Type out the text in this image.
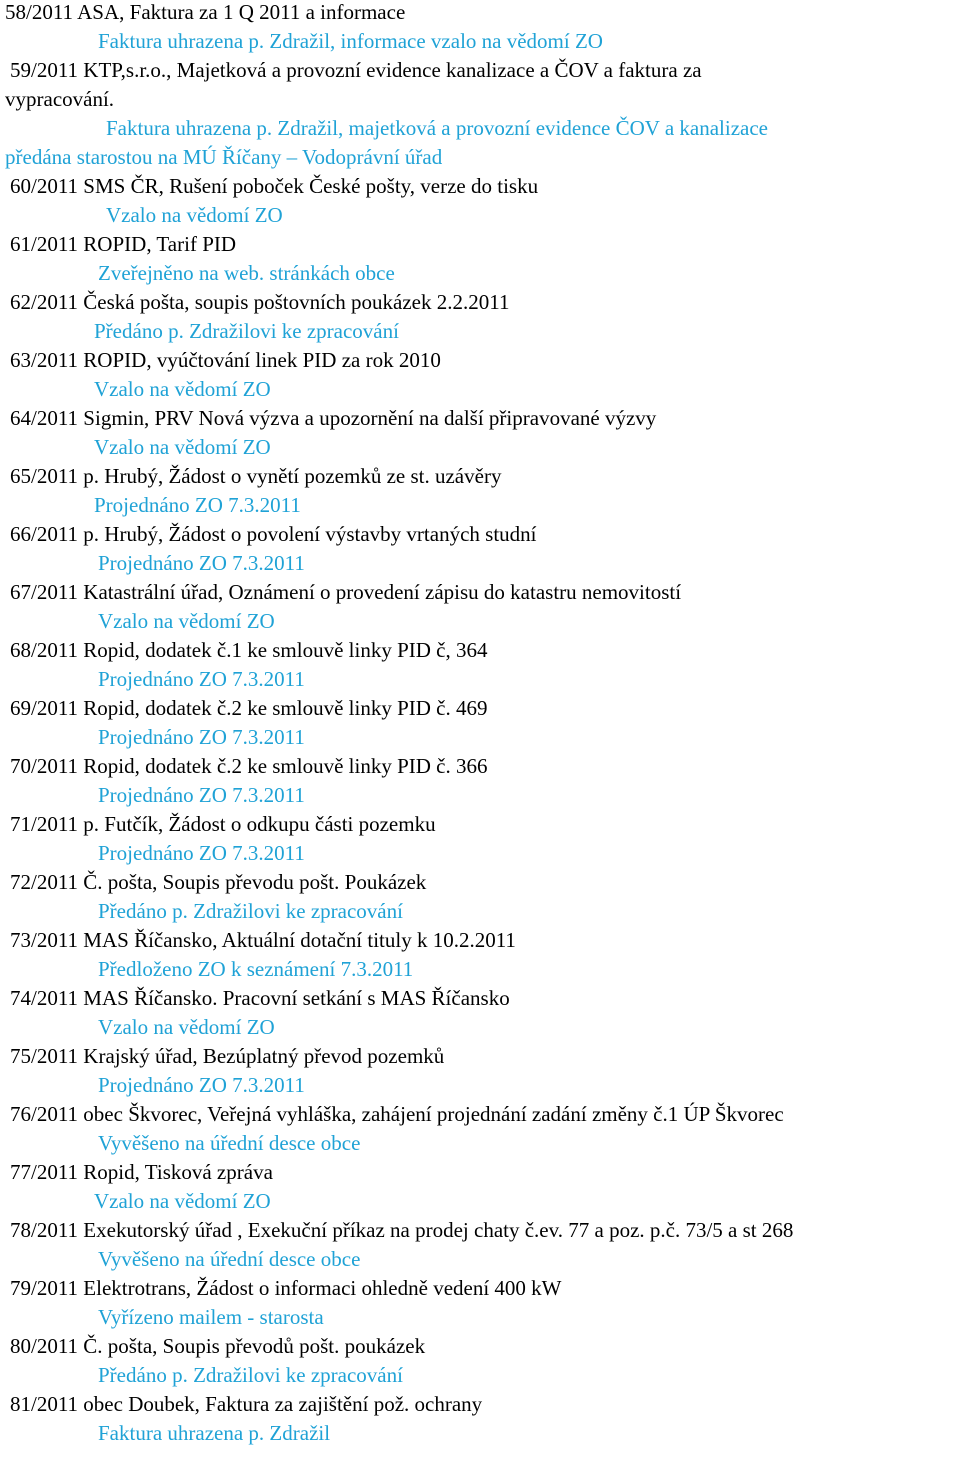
58/2011 ASA, Faktura za 1 Q 2011 a informace
Faktura uhrazena p. Zdražil, informace vzalo na vědomí ZO
59/2011 KTP,s.r.o., Majetková a provozní evidence kanalizace a ČOV a faktura za
vypracování.
Faktura uhrazena p. Zdražil, majetková a provozní evidence ČOV a kanalizace
předána starostou na MÚ Říčany – Vodoprávní úřad
60/2011 SMS ČR, Rušení poboček České pošty, verze do tisku
Vzalo na vědomí ZO
61/2011 ROPID, Tarif PID
Zveřejněno na web. stránkách obce
62/2011 Česká pošta, soupis poštovních poukázek 2.2.2011
Předáno p. Zdražilovi ke zpracování
63/2011 ROPID, vyúčtování linek PID za rok 2010
Vzalo na vědomí ZO
64/2011 Sigmin, PRV Nová výzva a upozornění na další připravované výzvy
Vzalo na vědomí ZO
65/2011 p. Hrubý, Žádost o vynětí pozemků ze st. uzávěry
Projednáno ZO 7.3.2011
66/2011 p. Hrubý, Žádost o povolení výstavby vrtaných studní
Projednáno ZO 7.3.2011
67/2011 Katastrální úřad, Oznámení o provedení zápisu do katastru nemovitostí
Vzalo na vědomí ZO
68/2011 Ropid, dodatek č.1 ke smlouvě linky PID č, 364
Projednáno ZO 7.3.2011
69/2011 Ropid, dodatek č.2 ke smlouvě linky PID č. 469
Projednáno ZO 7.3.2011
70/2011 Ropid, dodatek č.2 ke smlouvě linky PID č. 366
Projednáno ZO 7.3.2011
71/2011 p. Futčík, Žádost o odkupu části pozemku
Projednáno ZO 7.3.2011
72/2011 Č. pošta, Soupis převodu pošt. Poukázek
Předáno p. Zdražilovi ke zpracování
73/2011 MAS Říčansko, Aktuální dotační tituly k 10.2.2011
Předloženo ZO k seznámení 7.3.2011
74/2011 MAS Říčansko. Pracovní setkání s MAS Říčansko
Vzalo na vědomí ZO
75/2011 Krajský úřad, Bezúplatný převod pozemků
Projednáno ZO 7.3.2011
76/2011 obec Škvorec, Veřejná vyhláška, zahájení projednání zadání změny č.1 ÚP Škvorec
Vyvěšeno na úřední desce obce
77/2011 Ropid, Tisková zpráva
Vzalo na vědomí ZO
78/2011 Exekutorský úřad , Exekuční příkaz na prodej chaty č.ev. 77 a poz. p.č. 73/5 a st 268
Vyvěšeno na úřední desce obce
79/2011 Elektrotrans, Žádost o informaci ohledně vedení 400 kW
Vyřízeno mailem - starosta
80/2011 Č. pošta, Soupis převodů pošt. poukázek
Předáno p. Zdražilovi ke zpracování
81/2011 obec Doubek, Faktura za zajištění pož. ochrany
Faktura uhrazena p. Zdražil
